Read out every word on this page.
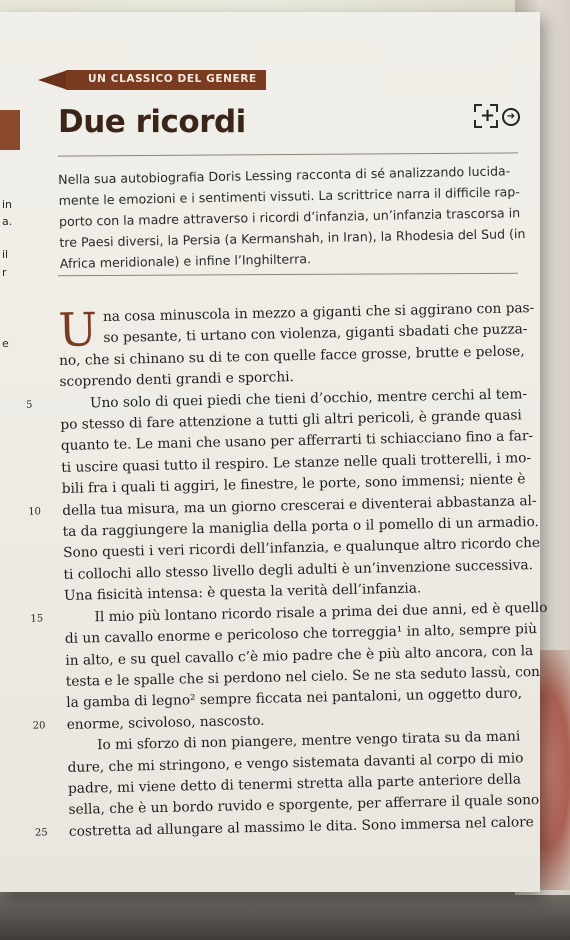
in
a.
il
r
e
UN CLASSICO DEL GENERE
Due ricordi	+	➜
Nella sua autobiografia Doris Lessing racconta di sé analizzando lucida-
mente le emozioni e i sentimenti vissuti. La scrittrice narra il difficile rap-
porto con la madre attraverso i ricordi d’infanzia, un’infanzia trascorsa in
tre Paesi diversi, la Persia (a Kermanshah, in Iran), la Rhodesia del Sud (in
Africa meridionale) e infine l’Inghilterra.
U na cosa minuscola in mezzo a giganti che si aggirano con pas-
so pesante, ti urtano con violenza, giganti sbadati che puzza-
no, che si chinano su di te con quelle facce grosse, brutte e pelose,
scoprendo denti grandi e sporchi.
5	Uno solo di quei piedi che tieni d’occhio, mentre cerchi al tem-
po stesso di fare attenzione a tutti gli altri pericoli, è grande quasi
quanto te. Le mani che usano per afferrarti ti schiacciano fino a far-
ti uscire quasi tutto il respiro. Le stanze nelle quali trotterelli, i mo-
bili fra i quali ti aggiri, le finestre, le porte, sono immensi; niente è
10 della tua misura, ma un giorno crescerai e diventerai abbastanza al-
ta da raggiungere la maniglia della porta o il pomello di un armadio.
Sono questi i veri ricordi dell’infanzia, e qualunque altro ricordo che
ti collochi allo stesso livello degli adulti è un’invenzione successiva.
Una fisicità intensa: è questa la verità dell’infanzia.
15	Il mio più lontano ricordo risale a prima dei due anni, ed è quello
di un cavallo enorme e pericoloso che torreggia¹ in alto, sempre più
in alto, e su quel cavallo c’è mio padre che è più alto ancora, con la
testa e le spalle che si perdono nel cielo. Se ne sta seduto lassù, con
la gamba di legno² sempre ficcata nei pantaloni, un oggetto duro,
20 enorme, scivoloso, nascosto.
Io mi sforzo di non piangere, mentre vengo tirata su da mani
dure, che mi stringono, e vengo sistemata davanti al corpo di mio
padre, mi viene detto di tenermi stretta alla parte anteriore della
sella, che è un bordo ruvido e sporgente, per afferrare il quale sono
25 costretta ad allungare al massimo le dita. Sono immersa nel calore
